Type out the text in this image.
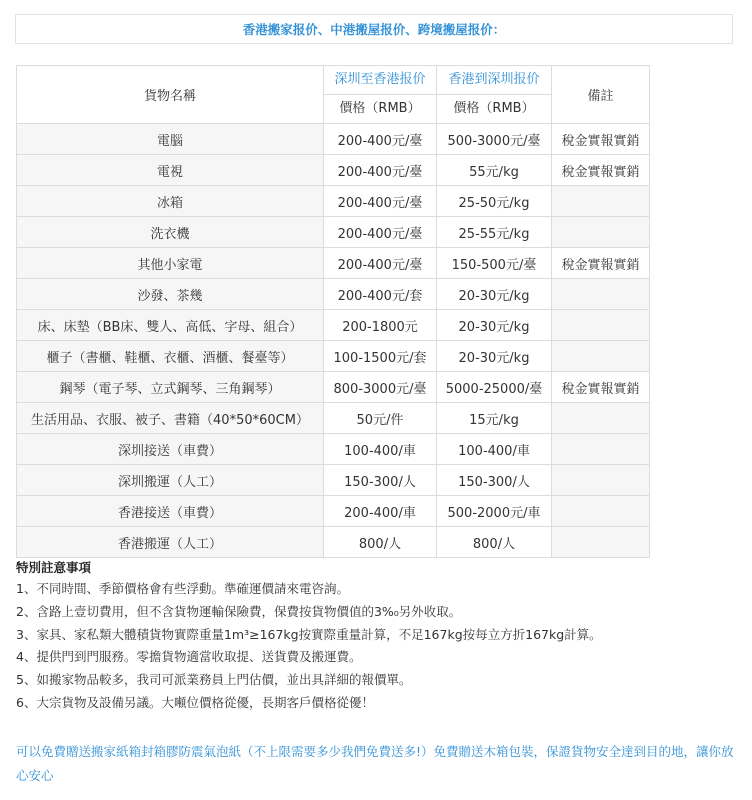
香港搬家报价、中港搬屋报价、跨境搬屋报价：
貨物名稱	深圳至香港报价	香港到深圳报价	備註

	價格（RMB）	價格（RMB）	

電腦	200-400元/臺	500-3000元/臺	稅金實報實銷
電視	200-400元/臺	55元/kg	稅金實報實銷
冰箱	200-400元/臺	25-50元/kg	
洗衣機	200-400元/臺	25-55元/kg	
其他小家電	200-400元/臺	150-500元/臺	稅金實報實銷
沙發、茶幾	200-400元/套	20-30元/kg	
床、床墊（BB床、雙人、高低、字母、組合）	200-1800元	20-30元/kg	
櫃子（書櫃、鞋櫃、衣櫃、酒櫃、餐臺等）	100-1500元/套	20-30元/kg	
鋼琴（電子琴、立式鋼琴、三角鋼琴）	800-3000元/臺	5000-25000/臺	稅金實報實銷
生活用品、衣服、被子、書籍（40*50*60CM）	50元/件	15元/kg	
深圳接送（車費）	100-400/車	100-400/車	
深圳搬運（人工）	150-300/人	150-300/人	
香港接送（車費）	200-400/車	500-2000元/車	
香港搬運（人工）	800/人	800/人	
特別註意事項
1、不同時間、季節價格會有些浮動。準確運價請來電咨詢。
2、含路上壹切費用，但不含貨物運輸保險費，保費按貨物價值的3%₀另外收取。
3、家具、家私類大體積貨物實際重量1m³≥167kg按實際重量計算，不足167kg按每立方折167kg計算。
4、提供門到門服務。零擔貨物適當收取提、送貨費及搬運費。
5、如搬家物品較多，我司可派業務員上門估價，並出具詳細的報價單。
6、大宗貨物及設備另議。大噸位價格從優，長期客戶價格從優！
可以免費贈送搬家紙箱封箱膠防震氣泡紙（不上限需要多少我們免費送多!）免費贈送木箱包裝，保證貨物安全達到目的地，讓你放心安心
